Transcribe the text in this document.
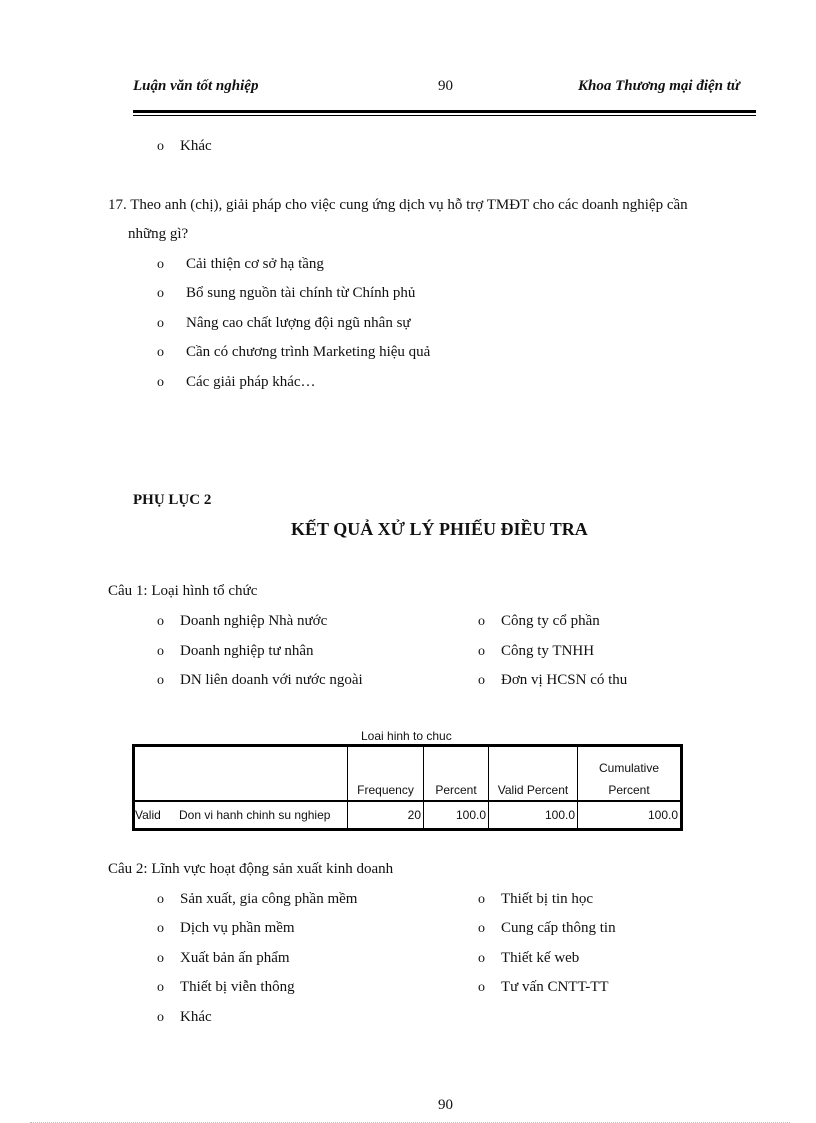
Luận văn tốt nghiệp	90	Khoa Thương mại điện tử
o Khác
17. Theo anh (chị), giải pháp cho việc cung ứng dịch vụ hỗ trợ TMĐT cho các doanh nghiệp cần
những gì?
o Cải thiện cơ sở hạ tầng
o Bổ sung nguồn tài chính từ Chính phủ
o Nâng cao chất lượng đội ngũ nhân sự
o Cần có chương trình Marketing hiệu quả
o Các giải pháp khác…
PHỤ LỤC 2
KẾT QUẢ XỬ LÝ PHIẾU ĐIỀU TRA
Câu 1: Loại hình tổ chức
o Doanh nghiệp Nhà nước
o Doanh nghiệp tư nhân
o DN liên doanh với nước ngoài
o Công ty cổ phần
o Công ty TNHH
o Đơn vị HCSN có thu
Loai hinh to chuc
		Frequency	Percent	Valid Percent	Cumulative
Percent

Valid	Don vi hanh chinh su nghiep	20	100.0	100.0	100.0
Câu 2: Lĩnh vực hoạt động sản xuất kinh doanh
o Sản xuất, gia công phần mềm
o Dịch vụ phần mềm
o Xuất bản ấn phẩm
o Thiết bị viễn thông
o Khác
o Thiết bị tin học
o Cung cấp thông tin
o Thiết kế web
o Tư vấn CNTT-TT
90
